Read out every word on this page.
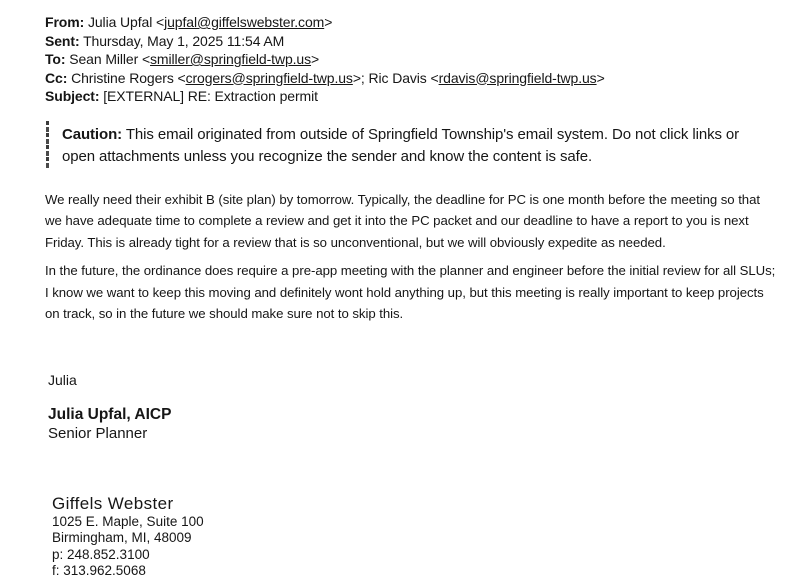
From: Julia Upfal <jupfal@giffelswebster.com>
Sent: Thursday, May 1, 2025 11:54 AM
To: Sean Miller <smiller@springfield-twp.us>
Cc: Christine Rogers <crogers@springfield-twp.us>; Ric Davis <rdavis@springfield-twp.us>
Subject: [EXTERNAL] RE: Extraction permit
Caution: This email originated from outside of Springfield Township's email system. Do not click links or open attachments unless you recognize the sender and know the content is safe.

We really need their exhibit B (site plan) by tomorrow. Typically, the deadline for PC is one month before the meeting so that we have adequate time to complete a review and get it into the PC packet and our deadline to have a report to you is next Friday. This is already tight for a review that is so unconventional, but we will obviously expedite as needed.

In the future, the ordinance does require a pre-app meeting with the planner and engineer before the initial review for all SLUs; I know we want to keep this moving and definitely wont hold anything up, but this meeting is really important to keep projects on track, so in the future we should make sure not to skip this.

Julia
Julia Upfal, AICP
Senior Planner
Giffels Webster
1025 E. Maple, Suite 100
Birmingham, MI, 48009
p: 248.852.3100
f: 313.962.5068
